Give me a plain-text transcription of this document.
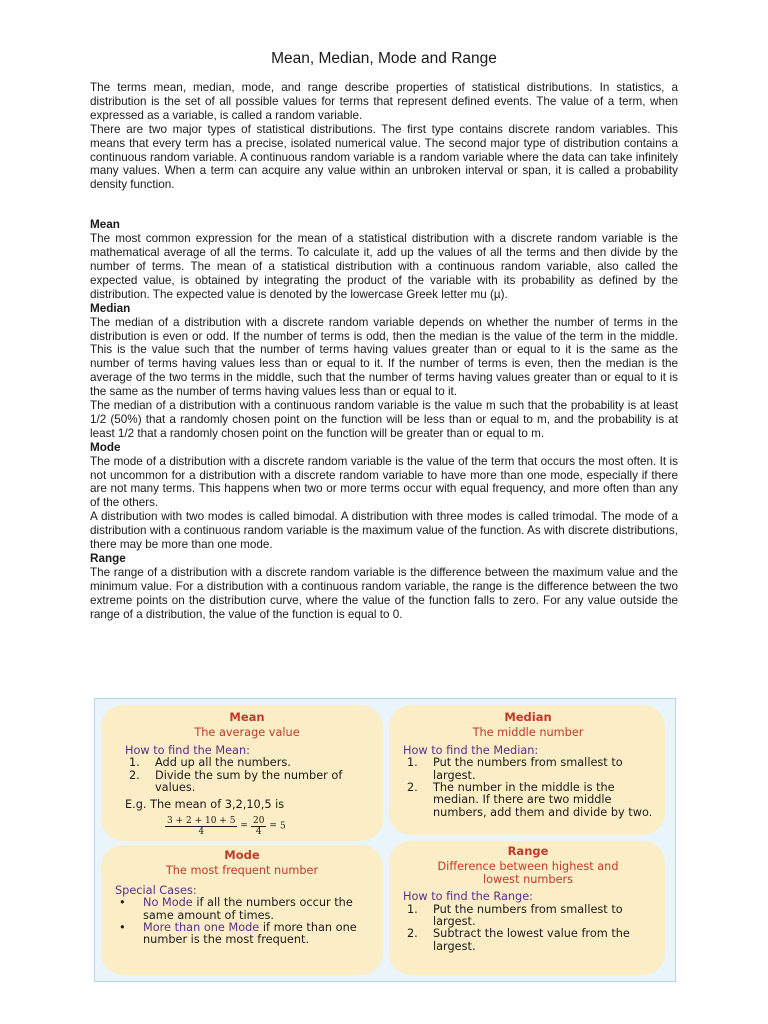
Mean, Median, Mode and Range

The terms mean, median, mode, and range describe properties of statistical distributions. In statistics, a distribution is the set of all possible values for terms that represent defined events. The value of a term, when expressed as a variable, is called a random variable.

There are two major types of statistical distributions. The first type contains discrete random variables. This means that every term has a precise, isolated numerical value. The second major type of distribution contains a continuous random variable. A continuous random variable is a random variable where the data can take infinitely many values. When a term can acquire any value within an unbroken interval or span, it is called a probability density function.

Mean

The most common expression for the mean of a statistical distribution with a discrete random variable is the mathematical average of all the terms. To calculate it, add up the values of all the terms and then divide by the number of terms. The mean of a statistical distribution with a continuous random variable, also called the expected value, is obtained by integrating the product of the variable with its probability as defined by the distribution. The expected value is denoted by the lowercase Greek letter mu (µ).

Median

The median of a distribution with a discrete random variable depends on whether the number of terms in the distribution is even or odd. If the number of terms is odd, then the median is the value of the term in the middle. This is the value such that the number of terms having values greater than or equal to it is the same as the number of terms having values less than or equal to it. If the number of terms is even, then the median is the average of the two terms in the middle, such that the number of terms having values greater than or equal to it is the same as the number of terms having values less than or equal to it.

The median of a distribution with a continuous random variable is the value m such that the probability is at least 1/2 (50%) that a randomly chosen point on the function will be less than or equal to m, and the probability is at least 1/2 that a randomly chosen point on the function will be greater than or equal to m.

Mode

The mode of a distribution with a discrete random variable is the value of the term that occurs the most often. It is not uncommon for a distribution with a discrete random variable to have more than one mode, especially if there are not many terms. This happens when two or more terms occur with equal frequency, and more often than any of the others.

A distribution with two modes is called bimodal. A distribution with three modes is called trimodal. The mode of a distribution with a continuous random variable is the maximum value of the function. As with discrete distributions, there may be more than one mode.

Range

The range of a distribution with a discrete random variable is the difference between the maximum value and the minimum value. For a distribution with a continuous random variable, the range is the difference between the two extreme points on the distribution curve, where the value of the function falls to zero. For any value outside the range of a distribution, the value of the function is equal to 0.

Mean
The average value
How to find the Mean:
1. Add up all the numbers.
2. Divide the sum by the number of values.
E.g. The mean of 3,2,10,5 is
$\frac{3 + 2 + 10 + 5}{4} = \frac{20}{4} = 5$
Median
The middle number
How to find the Median:
1. Put the numbers from smallest to largest.
2. The number in the middle is the median. If there are two middle numbers, add them and divide by two.
Mode
The most frequent number
Special Cases:
• No Mode if all the numbers occur the same amount of times.
• More than one Mode if more than one number is the most frequent.
Range
Difference between highest and lowest numbers
How to find the Range:
1. Put the numbers from smallest to largest.
2. Subtract the lowest value from the largest.
